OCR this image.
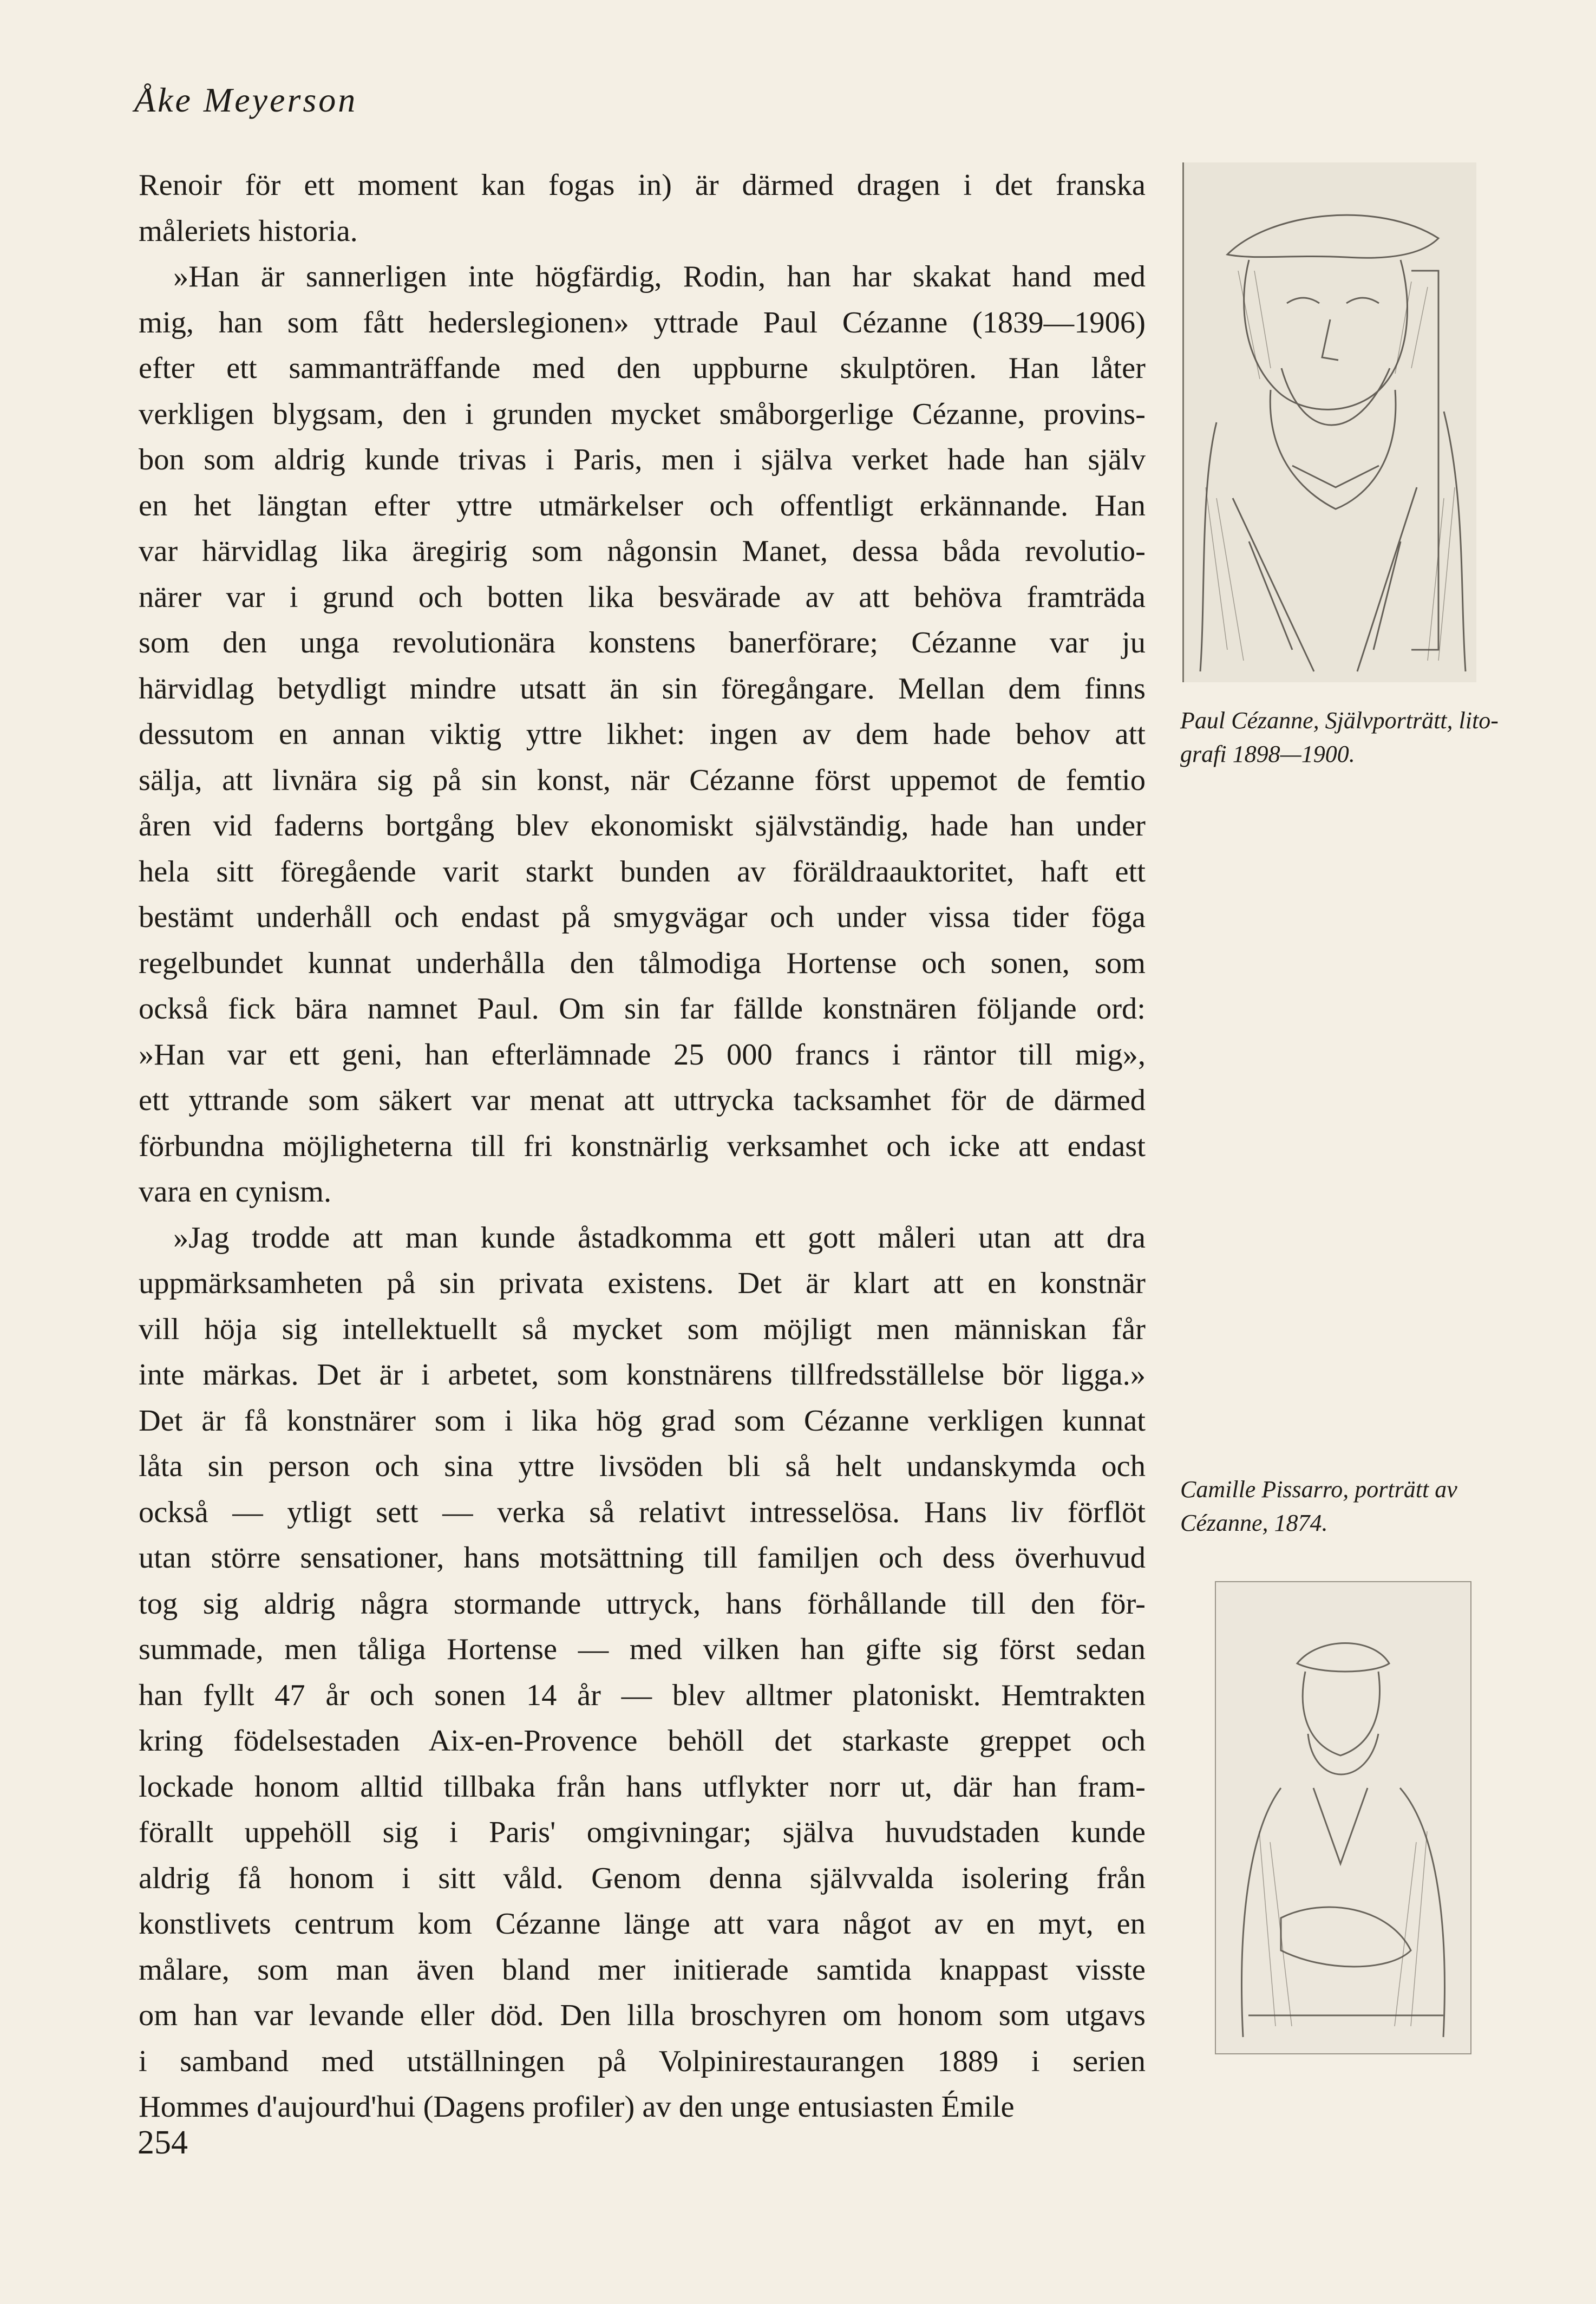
Åke Meyerson
Renoir för ett moment kan fogas in) är därmed dragen i det franska
måleriets historia.
»Han är sannerligen inte högfärdig, Rodin, han har skakat hand med
mig, han som fått hederslegionen» yttrade Paul Cézanne (1839—1906)
efter ett sammanträffande med den uppburne skulptören. Han låter
verkligen blygsam, den i grunden mycket småborgerlige Cézanne, provins-
bon som aldrig kunde trivas i Paris, men i själva verket hade han själv
en het längtan efter yttre utmärkelser och offentligt erkännande. Han
var härvidlag lika äregirig som någonsin Manet, dessa båda revolutio-
närer var i grund och botten lika besvärade av att behöva framträda
som den unga revolutionära konstens banerförare; Cézanne var ju
härvidlag betydligt mindre utsatt än sin föregångare. Mellan dem finns
dessutom en annan viktig yttre likhet: ingen av dem hade behov att
sälja, att livnära sig på sin konst, när Cézanne först uppemot de femtio
åren vid faderns bortgång blev ekonomiskt självständig, hade han under
hela sitt föregående varit starkt bunden av föräldraauktoritet, haft ett
bestämt underhåll och endast på smygvägar och under vissa tider föga
regelbundet kunnat underhålla den tålmodiga Hortense och sonen, som
också fick bära namnet Paul. Om sin far fällde konstnären följande ord:
»Han var ett geni, han efterlämnade 25 000 francs i räntor till mig»,
ett yttrande som säkert var menat att uttrycka tacksamhet för de därmed
förbundna möjligheterna till fri konstnärlig verksamhet och icke att endast
vara en cynism.
»Jag trodde att man kunde åstadkomma ett gott måleri utan att dra
uppmärksamheten på sin privata existens. Det är klart att en konstnär
vill höja sig intellektuellt så mycket som möjligt men människan får
inte märkas. Det är i arbetet, som konstnärens tillfredsställelse bör ligga.»
Det är få konstnärer som i lika hög grad som Cézanne verkligen kunnat
låta sin person och sina yttre livsöden bli så helt undanskymda och
också — ytligt sett — verka så relativt intresselösa. Hans liv förflöt
utan större sensationer, hans motsättning till familjen och dess överhuvud
tog sig aldrig några stormande uttryck, hans förhållande till den för-
summade, men tåliga Hortense — med vilken han gifte sig först sedan
han fyllt 47 år och sonen 14 år — blev alltmer platoniskt. Hemtrakten
kring födelsestaden Aix-en-Provence behöll det starkaste greppet och
lockade honom alltid tillbaka från hans utflykter norr ut, där han fram-
förallt uppehöll sig i Paris' omgivningar; själva huvudstaden kunde
aldrig få honom i sitt våld. Genom denna självvalda isolering från
konstlivets centrum kom Cézanne länge att vara något av en myt, en
målare, som man även bland mer initierade samtida knappast visste
om han var levande eller död. Den lilla broschyren om honom som utgavs
i samband med utställningen på Volpinirestaurangen 1889 i serien
Hommes d'aujourd'hui (Dagens profiler) av den unge entusiasten Émile
Paul Cézanne, Självporträtt, lito-
grafi 1898—1900.
Camille Pissarro, porträtt av
Cézanne, 1874.
254
